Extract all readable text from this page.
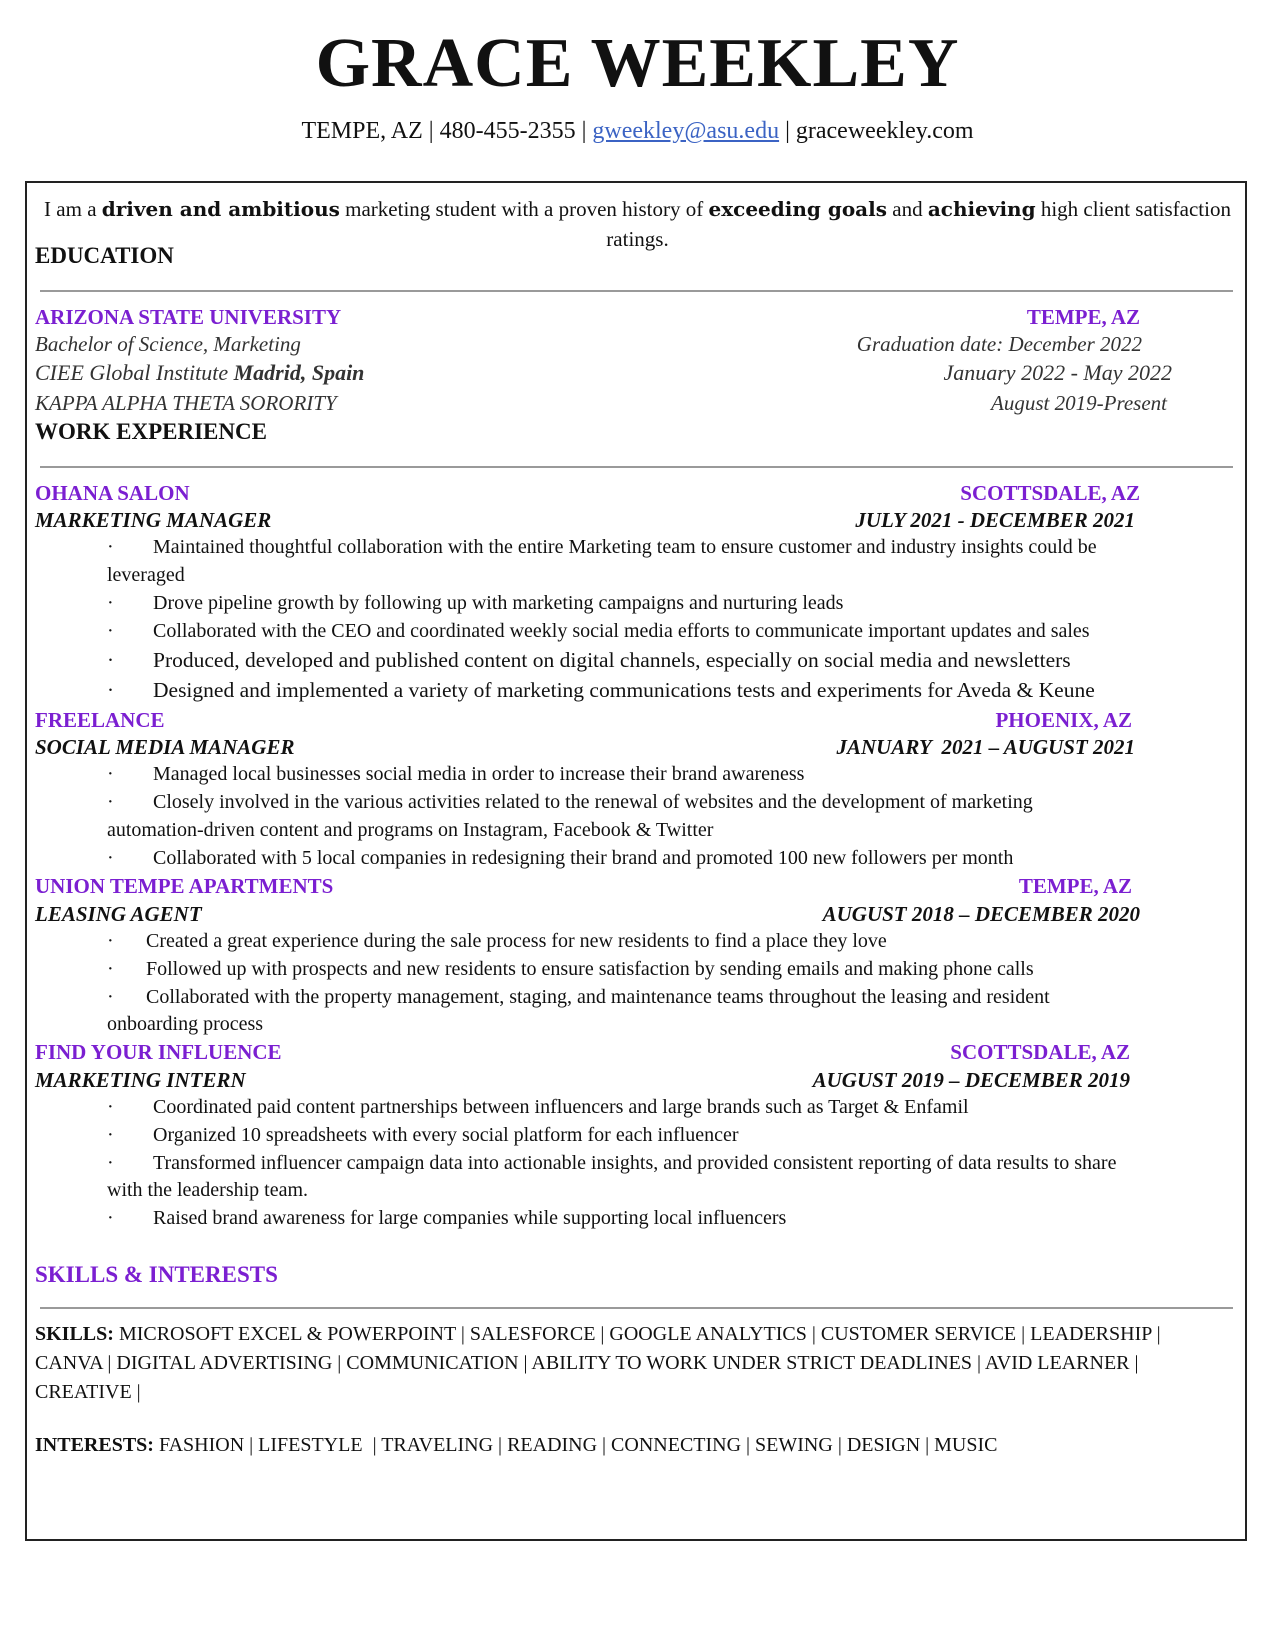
GRACE WEEKLEY
TEMPE, AZ | 480-455-2355 | gweekley@asu.edu | graceweekley.com
I am a driven and ambitious marketing student with a proven history of exceeding goals and achieving high client satisfaction ratings.
EDUCATION
ARIZONA STATE UNIVERSITY	TEMPE, AZ
Bachelor of Science, Marketing	Graduation date: December 2022
CIEE Global Institute Madrid, Spain	January 2022 - May 2022
KAPPA ALPHA THETA SORORITY	August 2019-Present
WORK EXPERIENCE
OHANA SALON	SCOTTSDALE, AZ
MARKETING MANAGER	JULY 2021 - DECEMBER 2021
· Maintained thoughtful collaboration with the entire Marketing team to ensure customer and industry insights could be
leveraged
· Drove pipeline growth by following up with marketing campaigns and nurturing leads
· Collaborated with the CEO and coordinated weekly social media efforts to communicate important updates and sales
· Produced, developed and published content on digital channels, especially on social media and newsletters
· Designed and implemented a variety of marketing communications tests and experiments for Aveda & Keune
FREELANCE	PHOENIX, AZ
SOCIAL MEDIA MANAGER	JANUARY  2021 – AUGUST 2021
· Managed local businesses social media in order to increase their brand awareness
· Closely involved in the various activities related to the renewal of websites and the development of marketing
automation-driven content and programs on Instagram, Facebook & Twitter
· Collaborated with 5 local companies in redesigning their brand and promoted 100 new followers per month
UNION TEMPE APARTMENTS	TEMPE, AZ
LEASING AGENT	AUGUST 2018 – DECEMBER 2020
· Created a great experience during the sale process for new residents to find a place they love
· Followed up with prospects and new residents to ensure satisfaction by sending emails and making phone calls
· Collaborated with the property management, staging, and maintenance teams throughout the leasing and resident
onboarding process
FIND YOUR INFLUENCE	SCOTTSDALE, AZ
MARKETING INTERN	AUGUST 2019 – DECEMBER 2019
· Coordinated paid content partnerships between influencers and large brands such as Target & Enfamil
· Organized 10 spreadsheets with every social platform for each influencer
· Transformed influencer campaign data into actionable insights, and provided consistent reporting of data results to share
with the leadership team.
· Raised brand awareness for large companies while supporting local influencers
SKILLS & INTERESTS
SKILLS: MICROSOFT EXCEL & POWERPOINT | SALESFORCE | GOOGLE ANALYTICS | CUSTOMER SERVICE | LEADERSHIP | CANVA | DIGITAL ADVERTISING | COMMUNICATION | ABILITY TO WORK UNDER STRICT DEADLINES | AVID LEARNER | CREATIVE |
INTERESTS: FASHION | LIFESTYLE  | TRAVELING | READING | CONNECTING | SEWING | DESIGN | MUSIC
